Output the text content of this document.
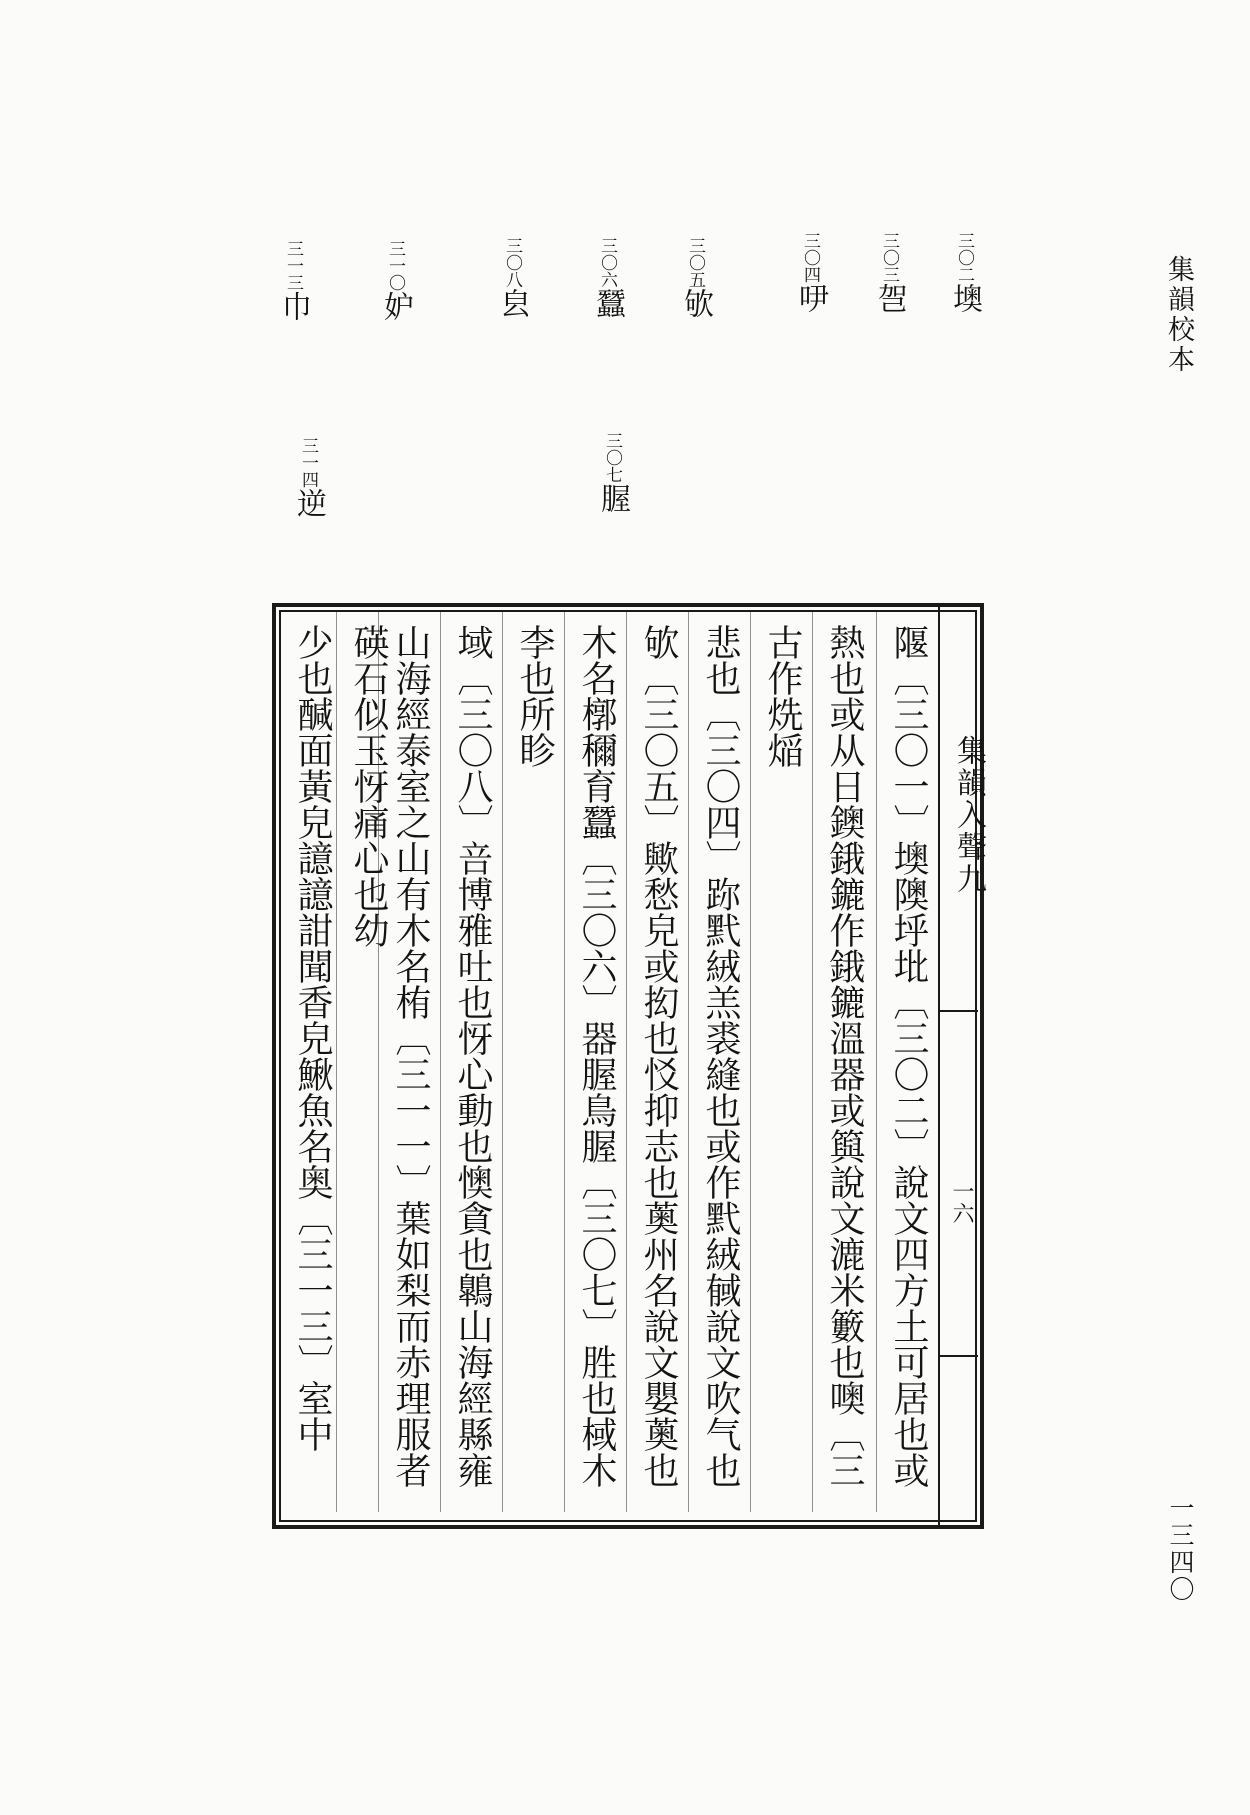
集韻校本
一三四〇
三〇二墺
三〇三㠰
三〇四吚
三〇五欨
三〇六蠶
三〇八㿝
三一〇妒
三一三巾
三〇七腛
三一四逆
集韻入聲九
一六
隁〔三〇一〕墺隩垀㘩〔三〇二〕說文四方土可居也或
熱也或从日鐭鋨鏕作鋨鏕溫器或籅說文漉米籔也噢〔三
古作烍㷔
悲也〔三〇四〕䟢黓絨羔裘縫也或作黓絨戫說文吹气也
欨〔三〇五〕歟愁皃或抝也㤊抑志也薁州名說文嬰薁也
木名槨穪育蠶〔三〇六〕器腛鳥腛〔三〇七〕胜也棫木
李也所眕
域〔三〇八〕咅博雅吐也㤉心動也懊貪也鷱山海經縣雍
山海經泰室之山有木名栯〔三一一〕葉如梨而赤理服者
碤石似玉㤉痛心也幼
少也醎面黃皃譩譩詌聞香皃鰍魚名奥〔三一三〕室中
